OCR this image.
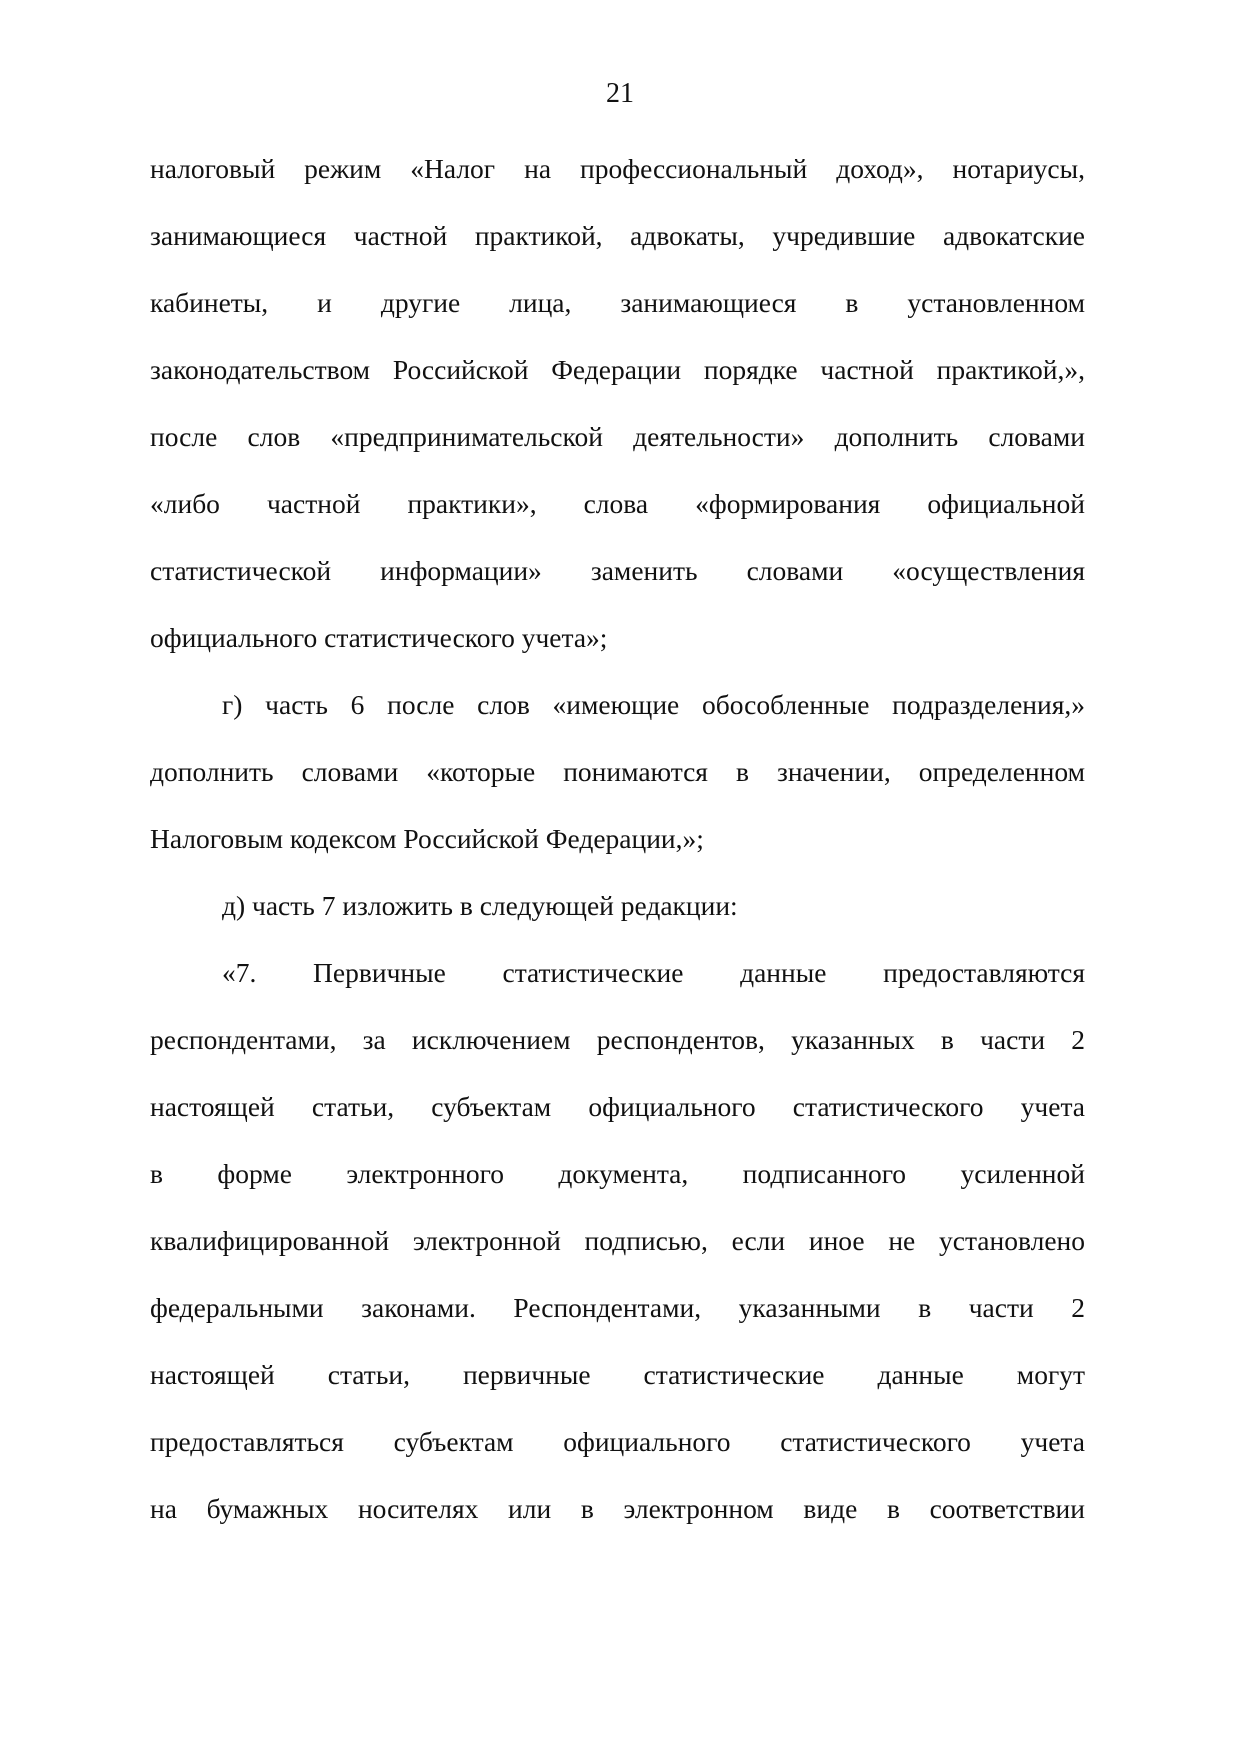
21
налоговый режим «Налог на профессиональный доход», нотариусы,
занимающиеся частной практикой, адвокаты, учредившие адвокатские
кабинеты, и другие лица, занимающиеся в установленном
законодательством Российской Федерации порядке частной практикой,»,
после слов «предпринимательской деятельности» дополнить словами
«либо частной практики», слова «формирования официальной
статистической информации» заменить словами «осуществления
официального статистического учета»;
г) часть 6 после слов «имеющие обособленные подразделения,»
дополнить словами «которые понимаются в значении, определенном
Налоговым кодексом Российской Федерации,»;
д) часть 7 изложить в следующей редакции:
«7. Первичные статистические данные предоставляются
респондентами, за исключением респондентов, указанных в части 2
настоящей статьи, субъектам официального статистического учета
в форме электронного документа, подписанного усиленной
квалифицированной электронной подписью, если иное не установлено
федеральными законами. Респондентами, указанными в части 2
настоящей статьи, первичные статистические данные могут
предоставляться субъектам официального статистического учета
на бумажных носителях или в электронном виде в соответствии
